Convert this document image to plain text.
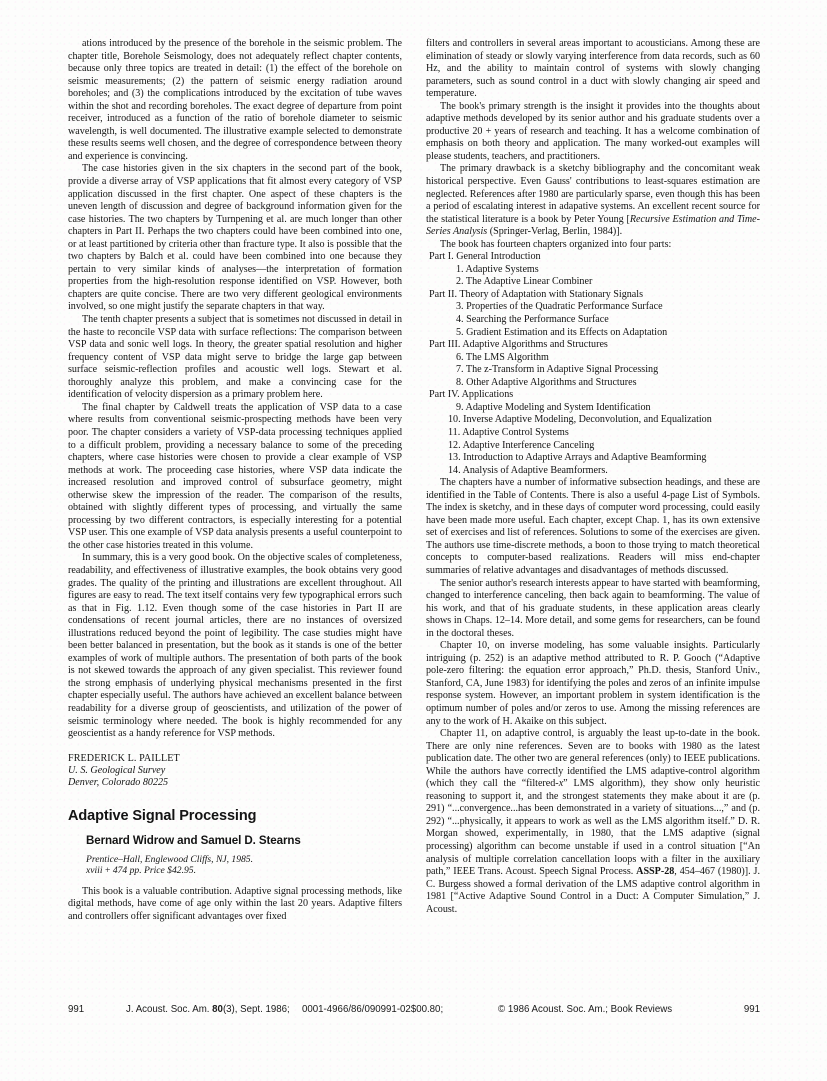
ations introduced by the presence of the borehole in the seismic problem. The chapter title, Borehole Seismology, does not adequately reflect chapter contents, because only three topics are treated in detail: (1) the effect of the borehole on seismic measurements; (2) the pattern of seismic energy radiation around boreholes; and (3) the complications introduced by the excitation of tube waves within the shot and recording boreholes. The exact degree of departure from point receiver, introduced as a function of the ratio of borehole diameter to seismic wavelength, is well documented. The illustrative example selected to demonstrate these results seems well chosen, and the degree of correspondence between theory and experience is convincing.

The case histories given in the six chapters in the second part of the book, provide a diverse array of VSP applications that fit almost every category of VSP application discussed in the first chapter. One aspect of these chapters is the uneven length of discussion and degree of background information given for the case histories. The two chapters by Turnpening et al. are much longer than other chapters in Part II. Perhaps the two chapters could have been combined into one, or at least partitioned by criteria other than fracture type. It also is possible that the two chapters by Balch et al. could have been combined into one because they pertain to very similar kinds of analyses—the interpretation of formation properties from the high-resolution response identified on VSP. However, both chapters are quite concise. There are two very different geological environments involved, so one might justify the separate chapters in that way.

The tenth chapter presents a subject that is sometimes not discussed in detail in the haste to reconcile VSP data with surface reflections: The comparison between VSP data and sonic well logs. In theory, the greater spatial resolution and higher frequency content of VSP data might serve to bridge the large gap between surface seismic-reflection profiles and acoustic well logs. Stewart et al. thoroughly analyze this problem, and make a convincing case for the identification of velocity dispersion as a primary problem here.

The final chapter by Caldwell treats the application of VSP data to a case where results from conventional seismic-prospecting methods have been very poor. The chapter considers a variety of VSP-data processing techniques applied to a difficult problem, providing a necessary balance to some of the preceding chapters, where case histories were chosen to provide a clear example of VSP methods at work. The proceeding case histories, where VSP data indicate the increased resolution and improved control of subsurface geometry, might otherwise skew the impression of the reader. The comparison of the results, obtained with slightly different types of processing, and virtually the same processing by two different contractors, is especially interesting for a potential VSP user. This one example of VSP data analysis presents a useful counterpoint to the other case histories treated in this volume.

In summary, this is a very good book. On the objective scales of completeness, readability, and effectiveness of illustrative examples, the book obtains very good grades. The quality of the printing and illustrations are excellent throughout. All figures are easy to read. The text itself contains very few typographical errors such as that in Fig. 1.12. Even though some of the case histories in Part II are condensations of recent journal articles, there are no instances of oversized illustrations reduced beyond the point of legibility. The case studies might have been better balanced in presentation, but the book as it stands is one of the better examples of work of multiple authors. The presentation of both parts of the book is not skewed towards the approach of any given specialist. This reviewer found the strong emphasis of underlying physical mechanisms presented in the first chapter especially useful. The authors have achieved an excellent balance between readability for a diverse group of geoscientists, and utilization of the power of seismic terminology where needed. The book is highly recommended for any geoscientist as a handy reference for VSP methods.

FREDERICK L. PAILLET
U. S. Geological Survey
Denver, Colorado 80225
Adaptive Signal Processing
Bernard Widrow and Samuel D. Stearns
Prentice–Hall, Englewood Cliffs, NJ, 1985.
xviii + 474 pp. Price $42.95.

This book is a valuable contribution. Adaptive signal processing methods, like digital methods, have come of age only within the last 20 years. Adaptive filters and controllers offer significant advantages over fixed

filters and controllers in several areas important to acousticians. Among these are elimination of steady or slowly varying interference from data records, such as 60 Hz, and the ability to maintain control of systems with slowly changing parameters, such as sound control in a duct with slowly changing air speed and temperature.

The book's primary strength is the insight it provides into the thoughts about adaptive methods developed by its senior author and his graduate students over a productive 20 + years of research and teaching. It has a welcome combination of emphasis on both theory and application. The many worked-out examples will please students, teachers, and practitioners.

The primary drawback is a sketchy bibliography and the concomitant weak historical perspective. Even Gauss' contributions to least-squares estimation are neglected. References after 1980 are particularly sparse, even though this has been a period of escalating interest in adapative systems. An excellent recent source for the statistical literature is a book by Peter Young [Recursive Estimation and Time-Series Analysis (Springer-Verlag, Berlin, 1984)].

The book has fourteen chapters organized into four parts:

Part I. General Introduction
1. Adaptive Systems
2. The Adaptive Linear Combiner
Part II. Theory of Adaptation with Stationary Signals
3. Properties of the Quadratic Performance Surface
4. Searching the Performance Surface
5. Gradient Estimation and its Effects on Adaptation
Part III. Adaptive Algorithms and Structures
6. The LMS Algorithm
7. The z-Transform in Adaptive Signal Processing
8. Other Adaptive Algorithms and Structures
Part IV. Applications
9. Adaptive Modeling and System Identification
10. Inverse Adaptive Modeling, Deconvolution, and Equalization
11. Adaptive Control Systems
12. Adaptive Interference Canceling
13. Introduction to Adaptive Arrays and Adaptive Beamforming
14. Analysis of Adaptive Beamformers.

The chapters have a number of informative subsection headings, and these are identified in the Table of Contents. There is also a useful 4-page List of Symbols. The index is sketchy, and in these days of computer word processing, could easily have been made more useful. Each chapter, except Chap. 1, has its own extensive set of exercises and list of references. Solutions to some of the exercises are given. The authors use time-discrete methods, a boon to those trying to match theoretical concepts to computer-based realizations. Readers will miss end-chapter summaries of relative advantages and disadvantages of methods discussed.

The senior author's research interests appear to have started with beamforming, changed to interference canceling, then back again to beamforming. The value of his work, and that of his graduate students, in these application areas clearly shows in Chaps. 12–14. More detail, and some gems for researchers, can be found in the doctoral theses.

Chapter 10, on inverse modeling, has some valuable insights. Particularly intriguing (p. 252) is an adaptive method attributed to R. P. Gooch (“Adaptive pole-zero filtering: the equation error approach,” Ph.D. thesis, Stanford Univ., Stanford, CA, June 1983) for identifying the poles and zeros of an infinite impulse response system. However, an important problem in system identification is the optimum number of poles and/or zeros to use. Among the missing references are any to the work of H. Akaike on this subject.

Chapter 11, on adaptive control, is arguably the least up-to-date in the book. There are only nine references. Seven are to books with 1980 as the latest publication date. The other two are general references (only) to IEEE publications. While the authors have correctly identified the LMS adaptive-control algorithm (which they call the “filtered-x” LMS algorithm), they show only heuristic reasoning to support it, and the strongest statements they make about it are (p. 291) “...convergence...has been demonstrated in a variety of situations...,” and (p. 292) “...physically, it appears to work as well as the LMS algorithm itself.” D. R. Morgan showed, experimentally, in 1980, that the LMS adaptive (signal processing) algorithm can become unstable if used in a control situation [“An analysis of multiple correlation cancellation loops with a filter in the auxiliary path,” IEEE Trans. Acoust. Speech Signal Process. ASSP-28, 454–467 (1980)]. J. C. Burgess showed a formal derivation of the LMS adaptive control algorithm in 1981 [“Active Adaptive Sound Control in a Duct: A Computer Simulation,” J. Acoust.

991	J. Acoust. Soc. Am. 80(3), Sept. 1986;	0001-4966/86/090991-02$00.80;	© 1986 Acoust. Soc. Am.; Book Reviews	991
